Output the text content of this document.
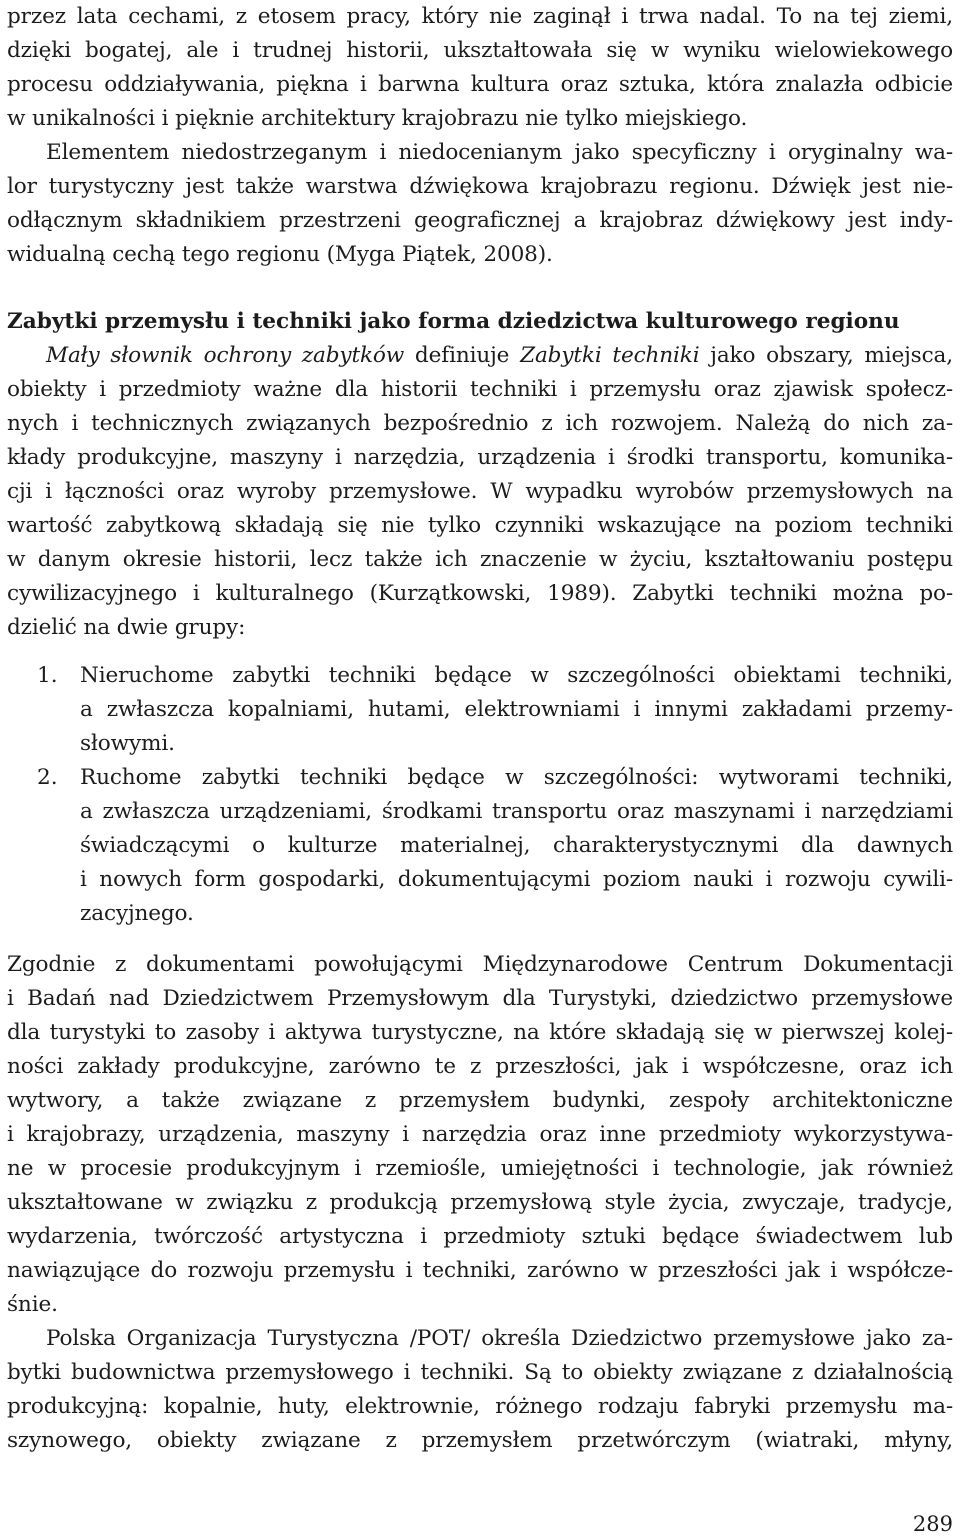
przez lata cechami, z etosem pracy, który nie zaginął i trwa nadal. To na tej ziemi,
dzięki bogatej, ale i trudnej historii, ukształtowała się w wyniku wielowiekowego
procesu oddziaływania, piękna i barwna kultura oraz sztuka, która znalazła odbicie
w unikalności i pięknie architektury krajobrazu nie tylko miejskiego.
Elementem niedostrzeganym i niedocenianym jako specyficzny i oryginalny wa-
lor turystyczny jest także warstwa dźwiękowa krajobrazu regionu. Dźwięk jest nie-
odłącznym składnikiem przestrzeni geograficznej a krajobraz dźwiękowy jest indy-
widualną cechą tego regionu (Myga Piątek, 2008).
Zabytki przemysłu i techniki jako forma dziedzictwa kulturowego regionu
Mały słownik ochrony zabytków definiuje Zabytki techniki jako obszary, miejsca,
obiekty i przedmioty ważne dla historii techniki i przemysłu oraz zjawisk społecz-
nych i technicznych związanych bezpośrednio z ich rozwojem. Należą do nich za-
kłady produkcyjne, maszyny i narzędzia, urządzenia i środki transportu, komunika-
cji i łączności oraz wyroby przemysłowe. W wypadku wyrobów przemysłowych na
wartość zabytkową składają się nie tylko czynniki wskazujące na poziom techniki
w danym okresie historii, lecz także ich znaczenie w życiu, kształtowaniu postępu
cywilizacyjnego i kulturalnego (Kurzątkowski, 1989). Zabytki techniki można po-
dzielić na dwie grupy:
1. Nieruchome zabytki techniki będące w szczególności obiektami techniki,
a zwłaszcza kopalniami, hutami, elektrowniami i innymi zakładami przemy-
słowymi.
2. Ruchome zabytki techniki będące w szczególności: wytworami techniki,
a zwłaszcza urządzeniami, środkami transportu oraz maszynami i narzędziami
świadczącymi o kulturze materialnej, charakterystycznymi dla dawnych
i nowych form gospodarki, dokumentującymi poziom nauki i rozwoju cywili-
zacyjnego.
Zgodnie z dokumentami powołującymi Międzynarodowe Centrum Dokumentacji
i Badań nad Dziedzictwem Przemysłowym dla Turystyki, dziedzictwo przemysłowe
dla turystyki to zasoby i aktywa turystyczne, na które składają się w pierwszej kolej-
ności zakłady produkcyjne, zarówno te z przeszłości, jak i współczesne, oraz ich
wytwory, a także związane z przemysłem budynki, zespoły architektoniczne
i krajobrazy, urządzenia, maszyny i narzędzia oraz inne przedmioty wykorzystywa-
ne w procesie produkcyjnym i rzemiośle, umiejętności i technologie, jak również
ukształtowane w związku z produkcją przemysłową style życia, zwyczaje, tradycje,
wydarzenia, twórczość artystyczna i przedmioty sztuki będące świadectwem lub
nawiązujące do rozwoju przemysłu i techniki, zarówno w przeszłości jak i współcze-
śnie.
Polska Organizacja Turystyczna /POT/ określa Dziedzictwo przemysłowe jako za-
bytki budownictwa przemysłowego i techniki. Są to obiekty związane z działalnością
produkcyjną: kopalnie, huty, elektrownie, różnego rodzaju fabryki przemysłu ma-
szynowego, obiekty związane z przemysłem przetwórczym (wiatraki, młyny,
289
